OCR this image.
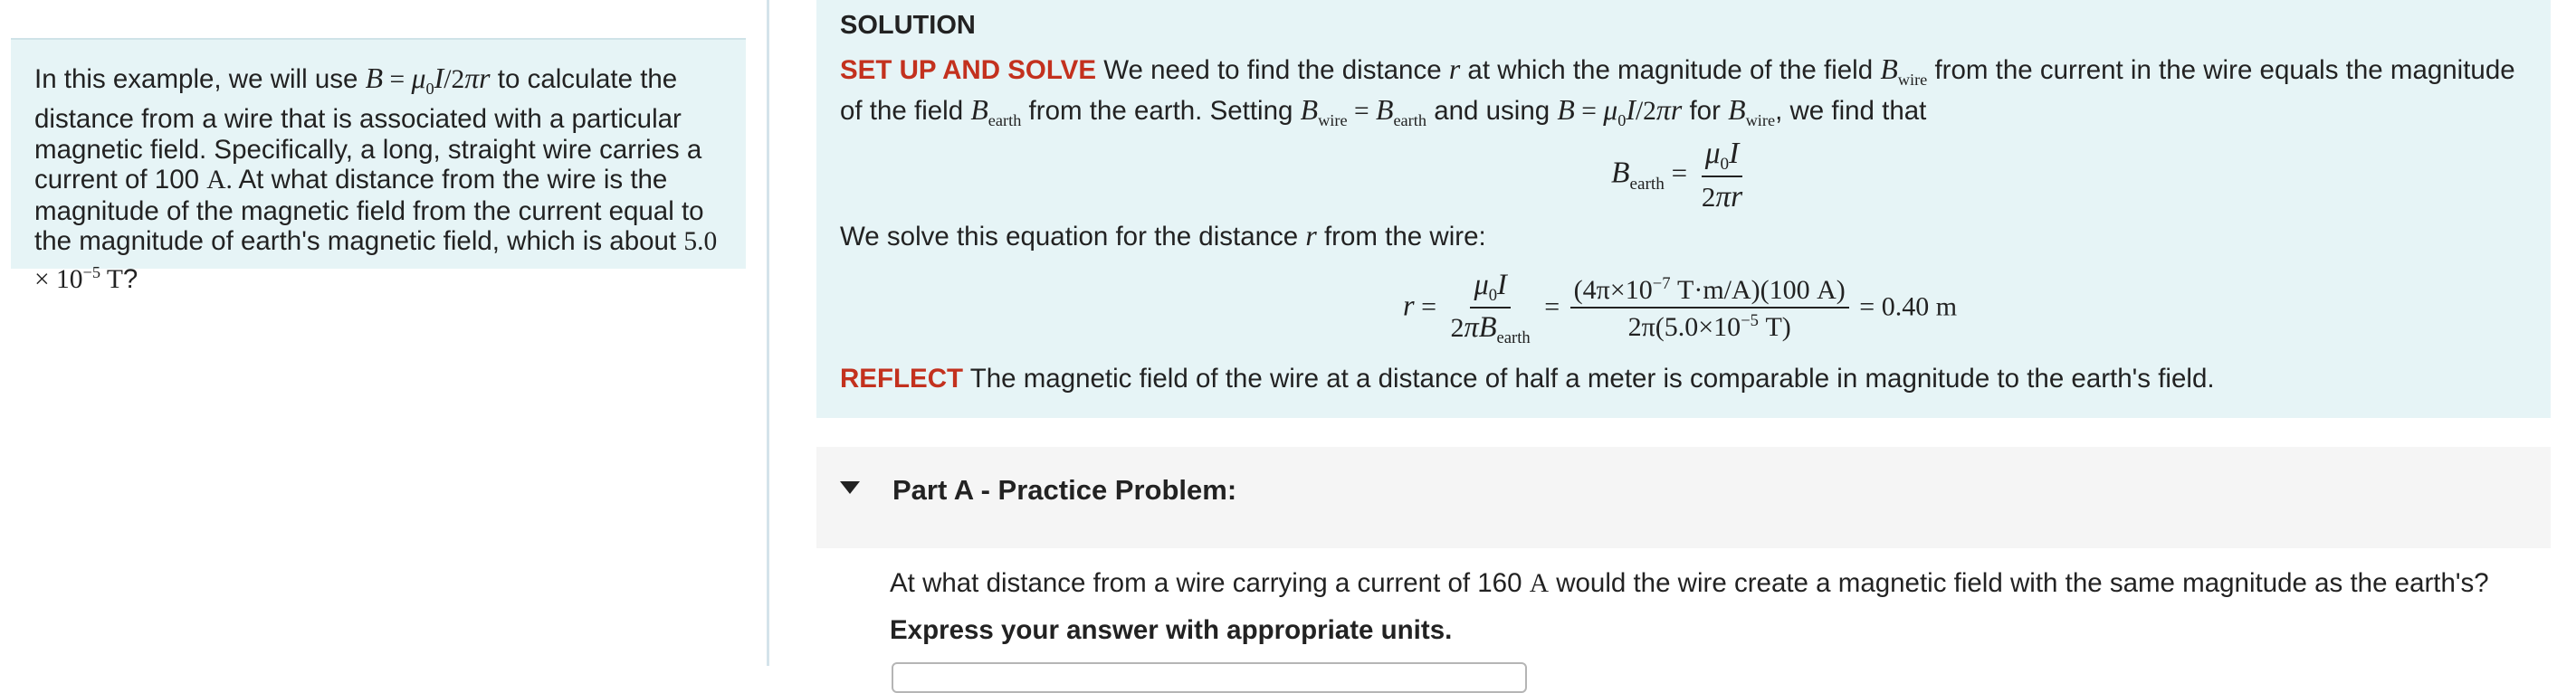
In this example, we will use $B = \mu_0I/2\pi r$ to calculate the distance from a wire that is associated with a particular magnetic field. Specifically, a long, straight wire carries a current of 100 A. At what distance from the wire is the magnitude of the magnetic field from the current equal to the magnitude of earth's magnetic field, which is about $5.0 \times 10^{-5}$ T?
SOLUTION
SET UP AND SOLVE We need to find the distance r at which the magnitude of the field $B_{wire}$ from the current in the wire equals the magnitude of the field $B_{earth}$ from the earth. Setting $B_{wire} = B_{earth}$ and using $B = \mu_0I/2\pi r$ for $B_{wire}$, we find that
$B_{earth} = \frac{\mu_0I}{2\pi r}$
We solve this equation for the distance r from the wire:
$r = \frac{\mu_0I}{2\pi B_{earth}} = \frac{(4\pi\times 10^{-7} T\cdot m/A)(100 A)}{2\pi(5.0\times 10^{-5} T)} = 0.40$ m
REFLECT The magnetic field of the wire at a distance of half a meter is comparable in magnitude to the earth's field.
Part A - Practice Problem:
At what distance from a wire carrying a current of 160 A would the wire create a magnetic field with the same magnitude as the earth's?
Express your answer with appropriate units.
